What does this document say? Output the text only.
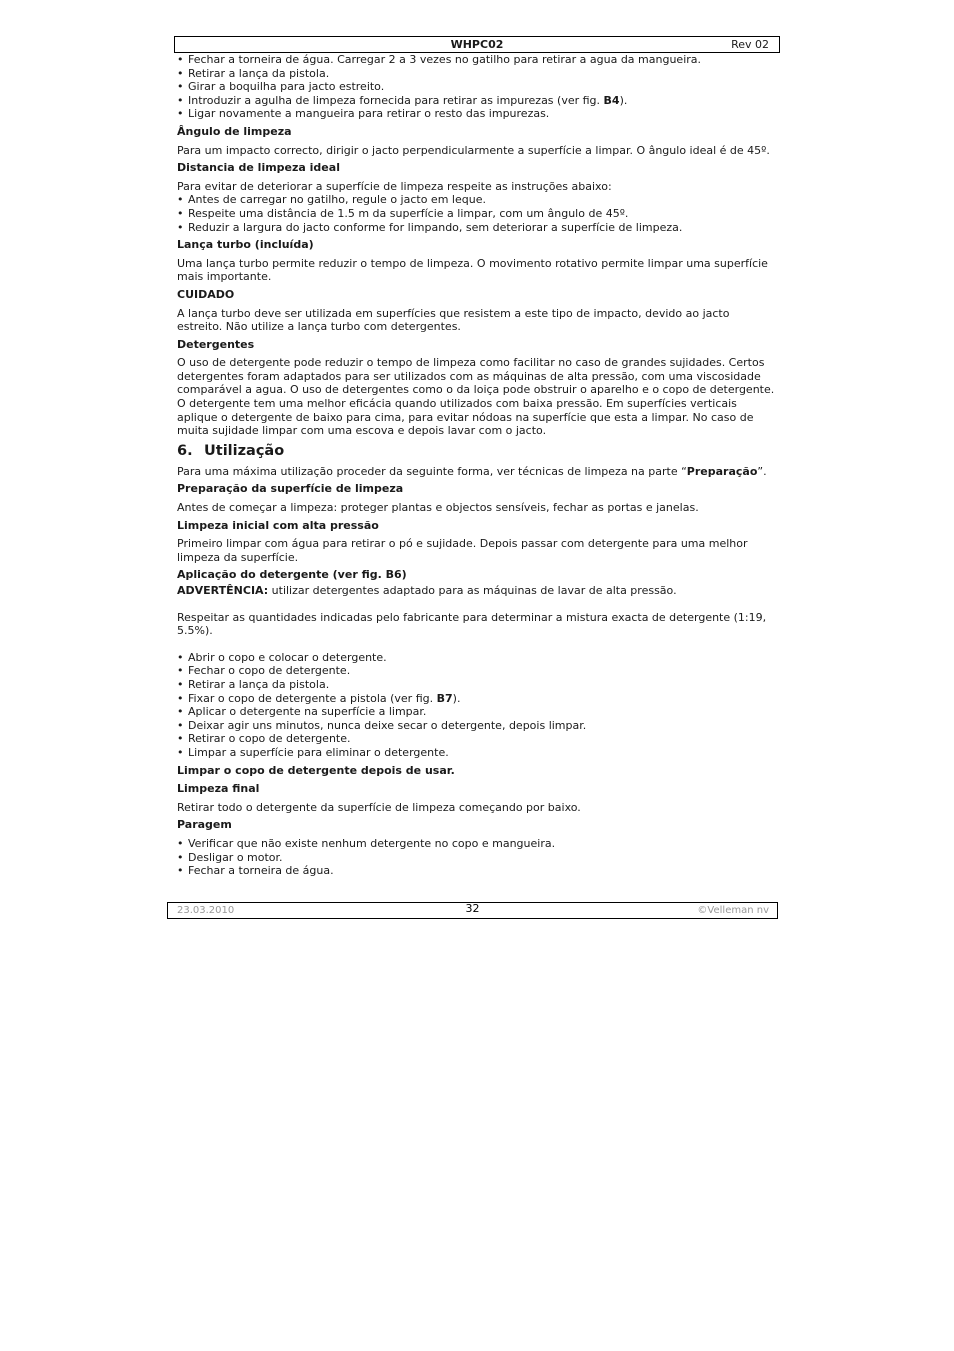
WHPC02	Rev 02
• Fechar a torneira de água. Carregar 2 a 3 vezes no gatilho para retirar a agua da mangueira.
• Retirar a lança da pistola.
• Girar a boquilha para jacto estreito.
• Introduzir a agulha de limpeza fornecida para retirar as impurezas (ver fig. B4).
• Ligar novamente a mangueira para retirar o resto das impurezas.
Ângulo de limpeza

Para um impacto correcto, dirigir o jacto perpendicularmente a superfície a limpar. O ângulo ideal é de 45º.

Distancia de limpeza ideal

Para evitar de deteriorar a superfície de limpeza respeite as instruções abaixo:

• Antes de carregar no gatilho, regule o jacto em leque.
• Respeite uma distância de 1.5 m da superfície a limpar, com um ângulo de 45º.
• Reduzir a largura do jacto conforme for limpando, sem deteriorar a superfície de limpeza.
Lança turbo (incluída)

Uma lança turbo permite reduzir o tempo de limpeza. O movimento rotativo permite limpar uma superfície mais importante.

CUIDADO

A lança turbo deve ser utilizada em superfícies que resistem a este tipo de impacto, devido ao jacto estreito. Não utilize a lança turbo com detergentes.

Detergentes

O uso de detergente pode reduzir o tempo de limpeza como facilitar no caso de grandes sujidades. Certos detergentes foram adaptados para ser utilizados com as máquinas de alta pressão, com uma viscosidade comparável a agua. O uso de detergentes como o da loiça pode obstruir o aparelho e o copo de detergente. O detergente tem uma melhor eficácia quando utilizados com baixa pressão. Em superfícies verticais aplique o detergente de baixo para cima, para evitar nódoas na superfície que esta a limpar. No caso de muita sujidade limpar com uma escova e depois lavar com o jacto.

6. Utilização

Para uma máxima utilização proceder da seguinte forma, ver técnicas de limpeza na parte “Preparação”.

Preparação da superfície de limpeza

Antes de começar a limpeza: proteger plantas e objectos sensíveis, fechar as portas e janelas.

Limpeza inicial com alta pressão

Primeiro limpar com água para retirar o pó e sujidade. Depois passar com detergente para uma melhor limpeza da superfície.

Aplicação do detergente (ver fig. B6)

ADVERTÊNCIA: utilizar detergentes adaptado para as máquinas de lavar de alta pressão.

Respeitar as quantidades indicadas pelo fabricante para determinar a mistura exacta de detergente (1:19, 5.5%).

• Abrir o copo e colocar o detergente.
• Fechar o copo de detergente.
• Retirar a lança da pistola.
• Fixar o copo de detergente a pistola (ver fig. B7).
• Aplicar o detergente na superfície a limpar.
• Deixar agir uns minutos, nunca deixe secar o detergente, depois limpar.
• Retirar o copo de detergente.
• Limpar a superfície para eliminar o detergente.
Limpar o copo de detergente depois de usar.
Limpeza final

Retirar todo o detergente da superfície de limpeza começando por baixo.

Paragem
• Verificar que não existe nenhum detergente no copo e mangueira.
• Desligar o motor.
• Fechar a torneira de água.
23.03.2010	32	©Velleman nv
